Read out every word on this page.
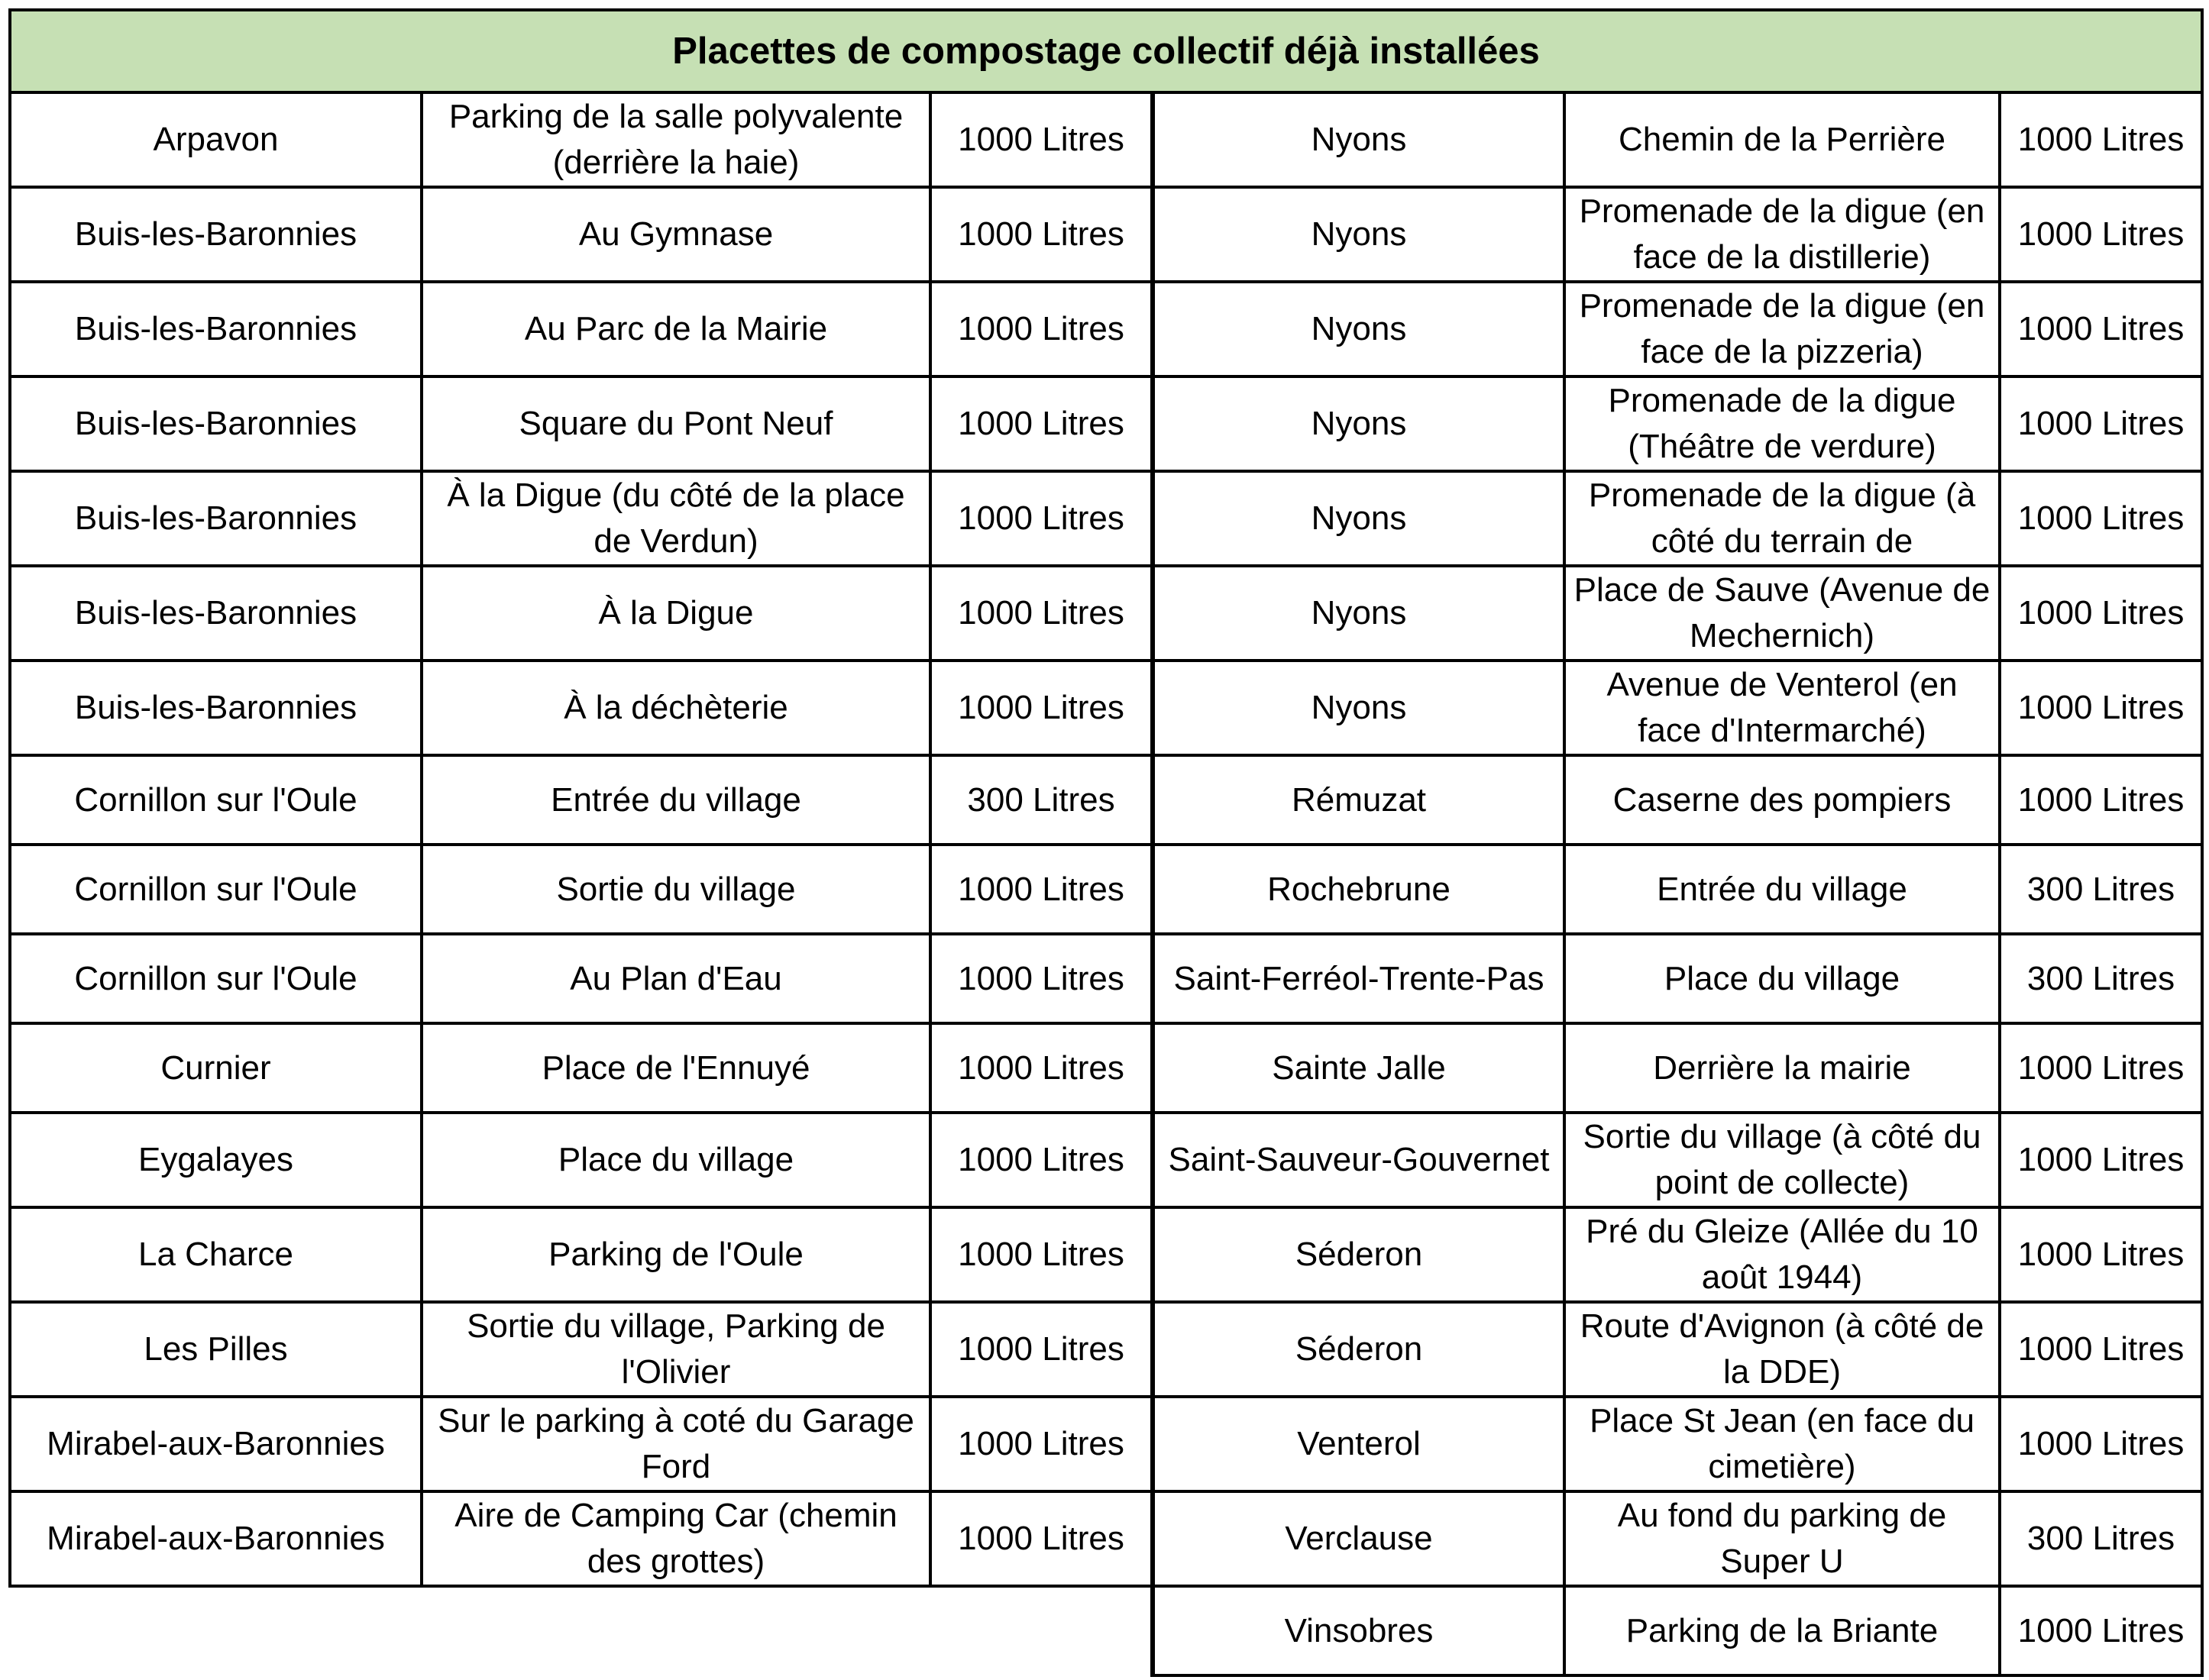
Placettes de compostage collectif déjà installées					
Arpavon	Parking de la salle polyvalente (derrière la haie)	1000 Litres	Nyons	Chemin de la Perrière	1000 Litres
Buis-les-Baronnies	Au Gymnase	1000 Litres	Nyons	Promenade de la digue (en face de la distillerie)	1000 Litres
Buis-les-Baronnies	Au Parc de la Mairie	1000 Litres	Nyons	Promenade de la digue (en face de la pizzeria)	1000 Litres
Buis-les-Baronnies	Square du Pont Neuf	1000 Litres	Nyons	Promenade de la digue (Théâtre de verdure)	1000 Litres
Buis-les-Baronnies	À la Digue (du côté de la place de Verdun)	1000 Litres	Nyons	Promenade de la digue (à côté du terrain de	1000 Litres
Buis-les-Baronnies	À la Digue	1000 Litres	Nyons	Place de Sauve (Avenue de Mechernich)	1000 Litres
Buis-les-Baronnies	À la déchèterie	1000 Litres	Nyons	Avenue de Venterol (en face d'Intermarché)	1000 Litres
Cornillon sur l'Oule	Entrée du village	300 Litres	Rémuzat	Caserne des pompiers	1000 Litres
Cornillon sur l'Oule	Sortie du village	1000 Litres	Rochebrune	Entrée du village	300 Litres
Cornillon sur l'Oule	Au Plan d'Eau	1000 Litres	Saint-Ferréol-Trente-Pas	Place du village	300 Litres
Curnier	Place de l'Ennuyé	1000 Litres	Sainte Jalle	Derrière la mairie	1000 Litres
Eygalayes	Place du village	1000 Litres	Saint-Sauveur-Gouvernet	Sortie du village (à côté du point de collecte)	1000 Litres
La Charce	Parking de l'Oule	1000 Litres	Séderon	Pré du Gleize (Allée du 10 août 1944)	1000 Litres
Les Pilles	Sortie du village, Parking de l'Olivier	1000 Litres	Séderon	Route d'Avignon (à côté de la DDE)	1000 Litres
Mirabel-aux-Baronnies	Sur le parking à coté du Garage Ford	1000 Litres	Venterol	Place St Jean (en face du cimetière)	1000 Litres
Mirabel-aux-Baronnies	Aire de Camping Car (chemin des grottes)	1000 Litres	Verclause	Au fond du parking de Super U	300 Litres
			Vinsobres	Parking de la Briante	1000 Litres
